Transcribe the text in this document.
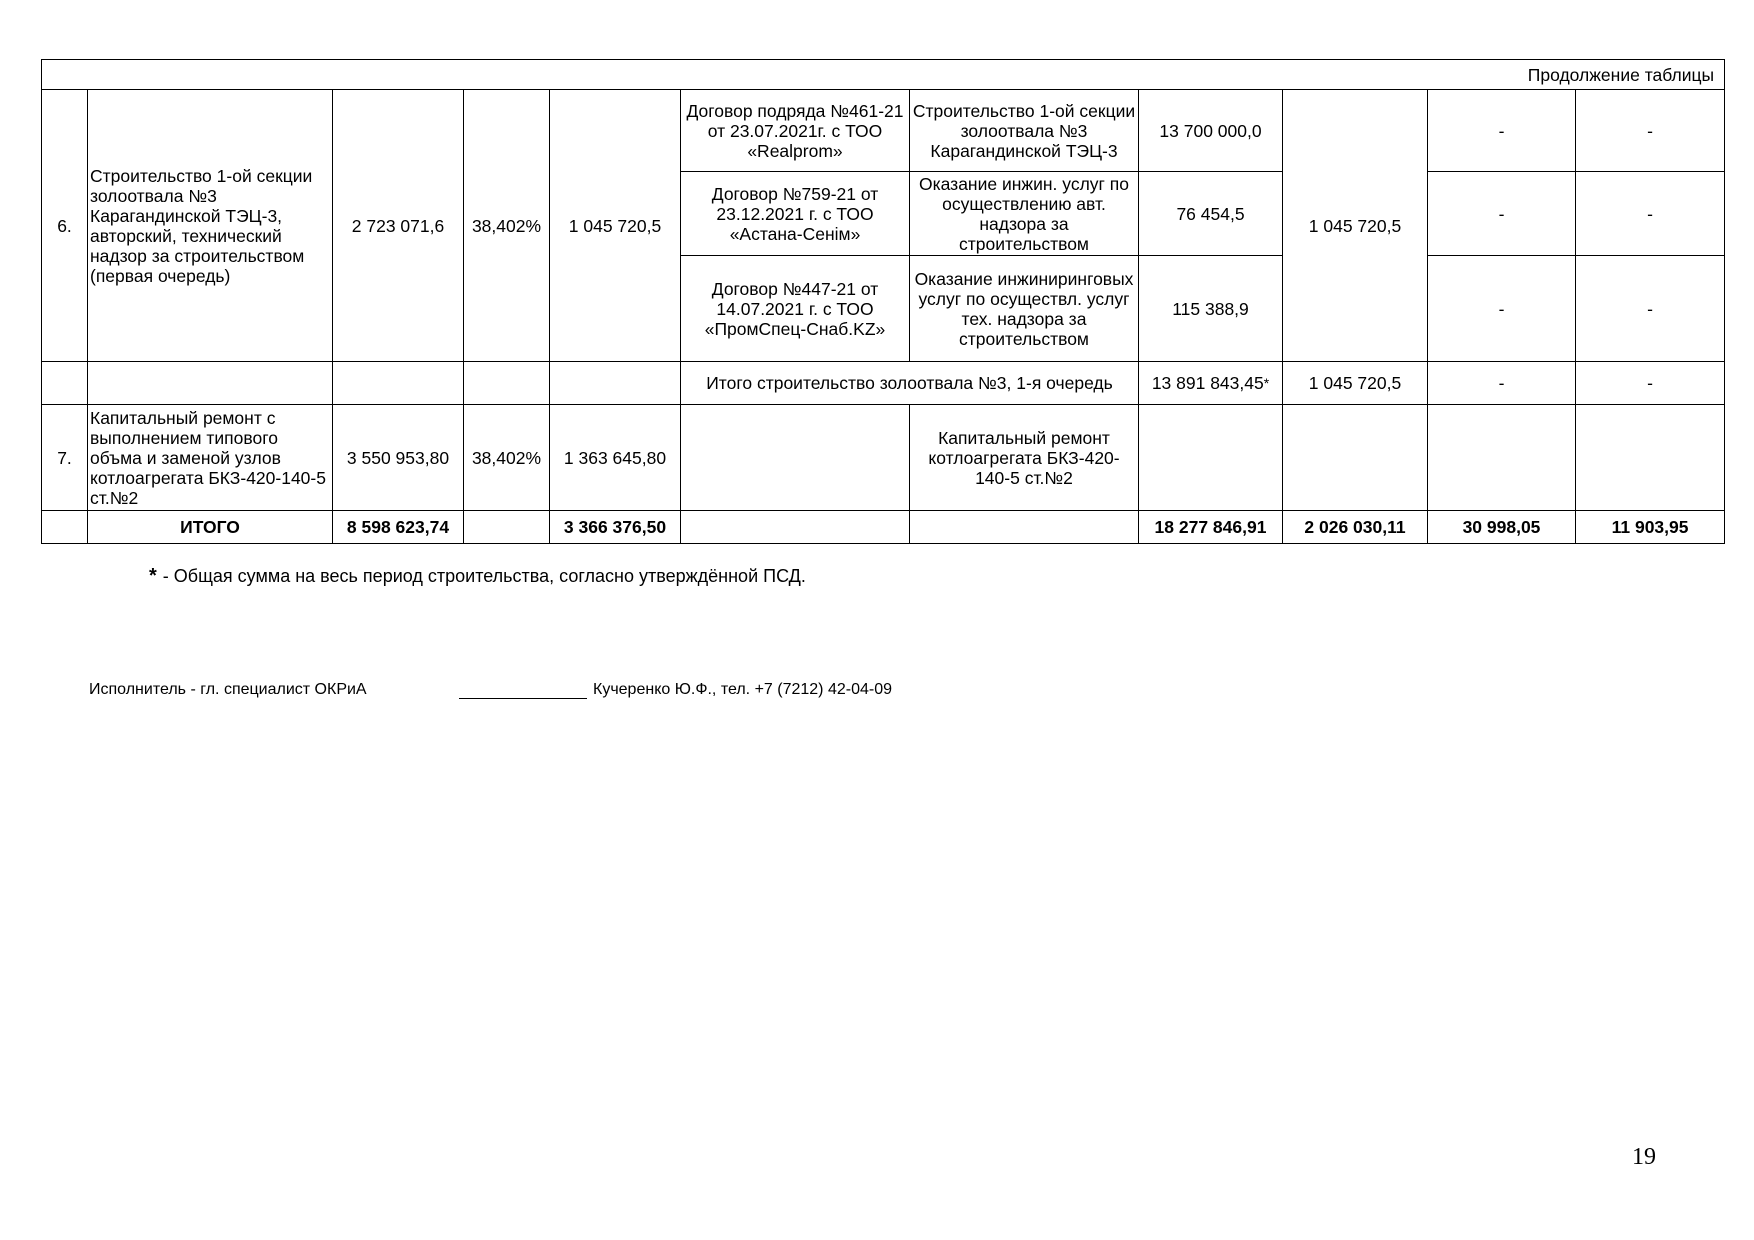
Продолжение таблицы										
6.	Строительство 1-ой секции золоотвала №3 Карагандинской ТЭЦ-3, авторский, технический надзор за строительством (первая очередь)	2 723 071,6	38,402%	1 045 720,5	Договор подряда №461-21 от 23.07.2021г. с ТОО «Realprom»	Строительство 1-ой секции золоотвала №3 Карагандинской ТЭЦ-3	13 700 000,0	1 045 720,5	-	-
					Договор №759-21 от 23.12.2021 г. с ТОО «Астана-Сенім»	Оказание инжин. услуг по осуществлению авт. надзора за строительством	76 454,5		-	-
					Договор №447-21 от 14.07.2021 г. с ТОО «ПромСпец-Снаб.KZ»	Оказание инжиниринговых услуг по осуществл. услуг тех. надзора за строительством	115 388,9		-	-
					Итого строительство золоотвала №3, 1-я очередь		13 891 843,45*	1 045 720,5	-	-
7.	Капитальный ремонт с выполнением типового объма и заменой узлов котлоагрегата БКЗ-420-140-5 ст.№2	3 550 953,80	38,402%	1 363 645,80		Капитальный ремонт котлоагрегата БКЗ-420-140-5 ст.№2				
	ИТОГО	8 598 623,74		3 366 376,50			18 277 846,91	2 026 030,11	30 998,05	11 903,95
* - Общая сумма на весь период строительства, согласно утверждённой ПСД.
Исполнитель - гл. специалист ОКРиА	Кучеренко Ю.Ф., тел. +7 (7212) 42-04-09
19
